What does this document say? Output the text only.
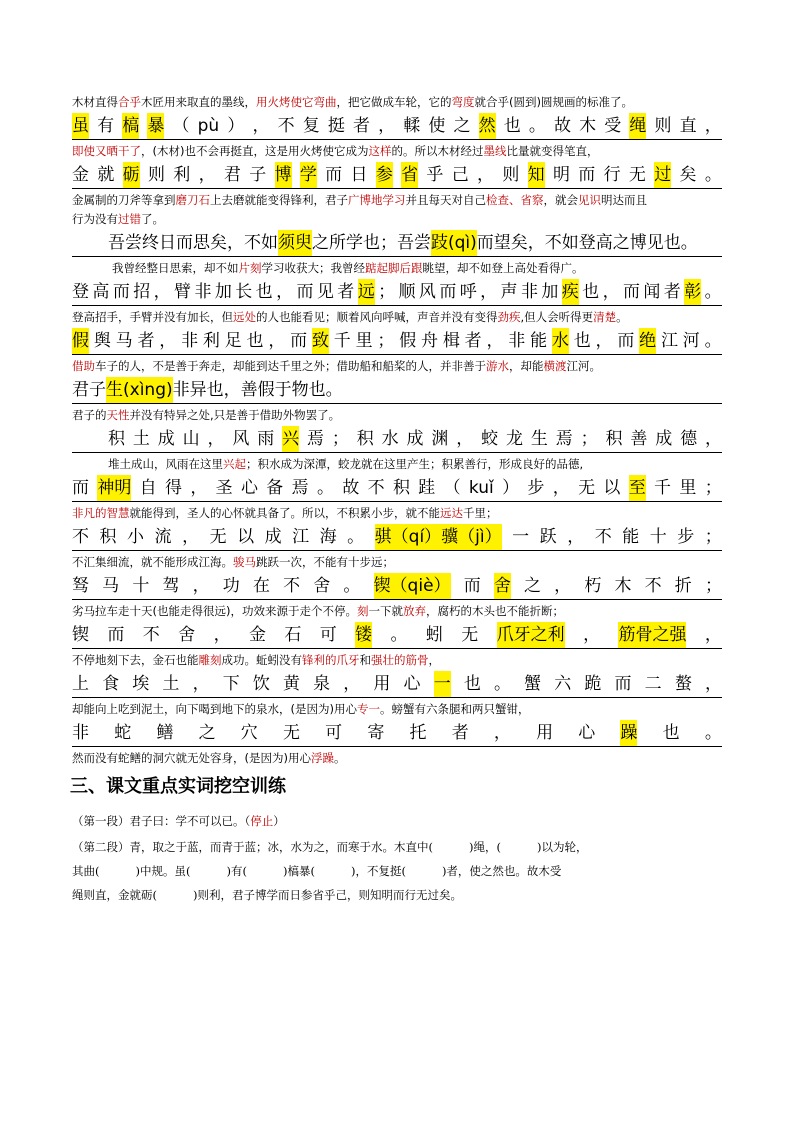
木材直得合乎木匠用来取直的墨线，用火烤使它弯曲，把它做成车轮，它的弯度就合乎(圆到)圆规画的标准了。
虽 有 槁 暴 （ pù ） ， 不 复 挺 者 ， 輮 使 之 然 也 。 故 木 受 绳 则 直 ，
即使又晒干了，(木材)也不会再挺直，这是用火烤使它成为这样的。所以木材经过墨线比量就变得笔直，
金 就 砺 则 利 ， 君 子 博 学 而 日 参 省 乎 己 ， 则 知 明 而 行 无 过 矣 。
金属制的刀斧等拿到磨刀石上去磨就能变得锋利，君子广博地学习并且每天对自己检查、省察，就会见识明达而且
行为没有过错了。
吾尝终日而思矣，不如 须臾 之所学也；吾尝 跂(qì) 而望矣，不如登高之博见也。
我曾经整日思索，却不如片刻学习收获大；我曾经踮起脚后跟眺望，却不如登上高处看得广。
登 高 而 招 ， 臂 非 加 长 也 ， 而 见 者 远 ； 顺 风 而 呼 ， 声 非 加 疾 也 ， 而 闻 者 彰 。
登高招手，手臂并没有加长，但远处的人也能看见；顺着风向呼喊，声音并没有变得劲疾,但人会听得更清楚。
假 舆 马 者 ， 非 利 足 也 ， 而 致 千 里 ； 假 舟 楫 者 ， 非 能 水 也 ， 而 绝 江 河 。
借助车子的人，不是善于奔走，却能到达千里之外；借助船和船桨的人，并非善于游水，却能横渡江河。
君子 生(xìng) 非异也，善假于物也。
君子的天性并没有特异之处,只是善于借助外物罢了。
积 土 成 山 ， 风 雨 兴 焉 ； 积 水 成 渊 ， 蛟 龙 生 焉 ； 积 善 成 德 ，
堆土成山，风雨在这里兴起；积水成为深潭，蛟龙就在这里产生；积累善行，形成良好的品德,
而 神明 自 得 ， 圣 心 备 焉 。 故 不 积 跬 （ kuǐ ） 步 ， 无 以 至 千 里 ；
非凡的智慧就能得到，圣人的心怀就具备了。所以，不积累小步，就不能远达千里；
不 积 小 流 ， 无 以 成 江 海 。 骐（qí）骥（jì） 一 跃 ， 不 能 十 步 ；
不汇集细流，就不能形成江海。骏马跳跃一次，不能有十步远；
驽 马 十 驾 ， 功 在 不 舍 。 锲（qiè） 而 舍 之 ， 朽 木 不 折 ；
劣马拉车走十天(也能走得很远)，功效来源于走个不停。刻一下就放弃，腐朽的木头也不能折断；
锲 而 不 舍 ， 金 石 可 镂 。 蚓 无 爪牙之利 ， 筋骨之强 ，
不停地刻下去，金石也能雕刻成功。蚯蚓没有锋利的爪牙和强壮的筋骨，
上 食 埃 土 ， 下 饮 黄 泉 ， 用 心 一 也 。 蟹 六 跪 而 二 螯 ，
却能向上吃到泥土，向下喝到地下的泉水，(是因为)用心专一。螃蟹有六条腿和两只蟹钳，
非 蛇 鳝 之 穴 无 可 寄 托 者 ， 用 心 躁 也 。
然而没有蛇鳝的洞穴就无处容身，(是因为)用心浮躁。
三、课文重点实词挖空训练
（第一段）君子曰：学不可以已。（停止）
（第二段）青，取之于蓝，而青于蓝；冰，水为之，而寒于水。木直中(	)绳，(	)以为轮，
其曲(	)中规。虽(	)有(	)槁暴(	)，不复挺(	)者，使之然也。故木受
绳则直，金就砺(	)则利，君子博学而日参省乎己，则知明而行无过矣。
